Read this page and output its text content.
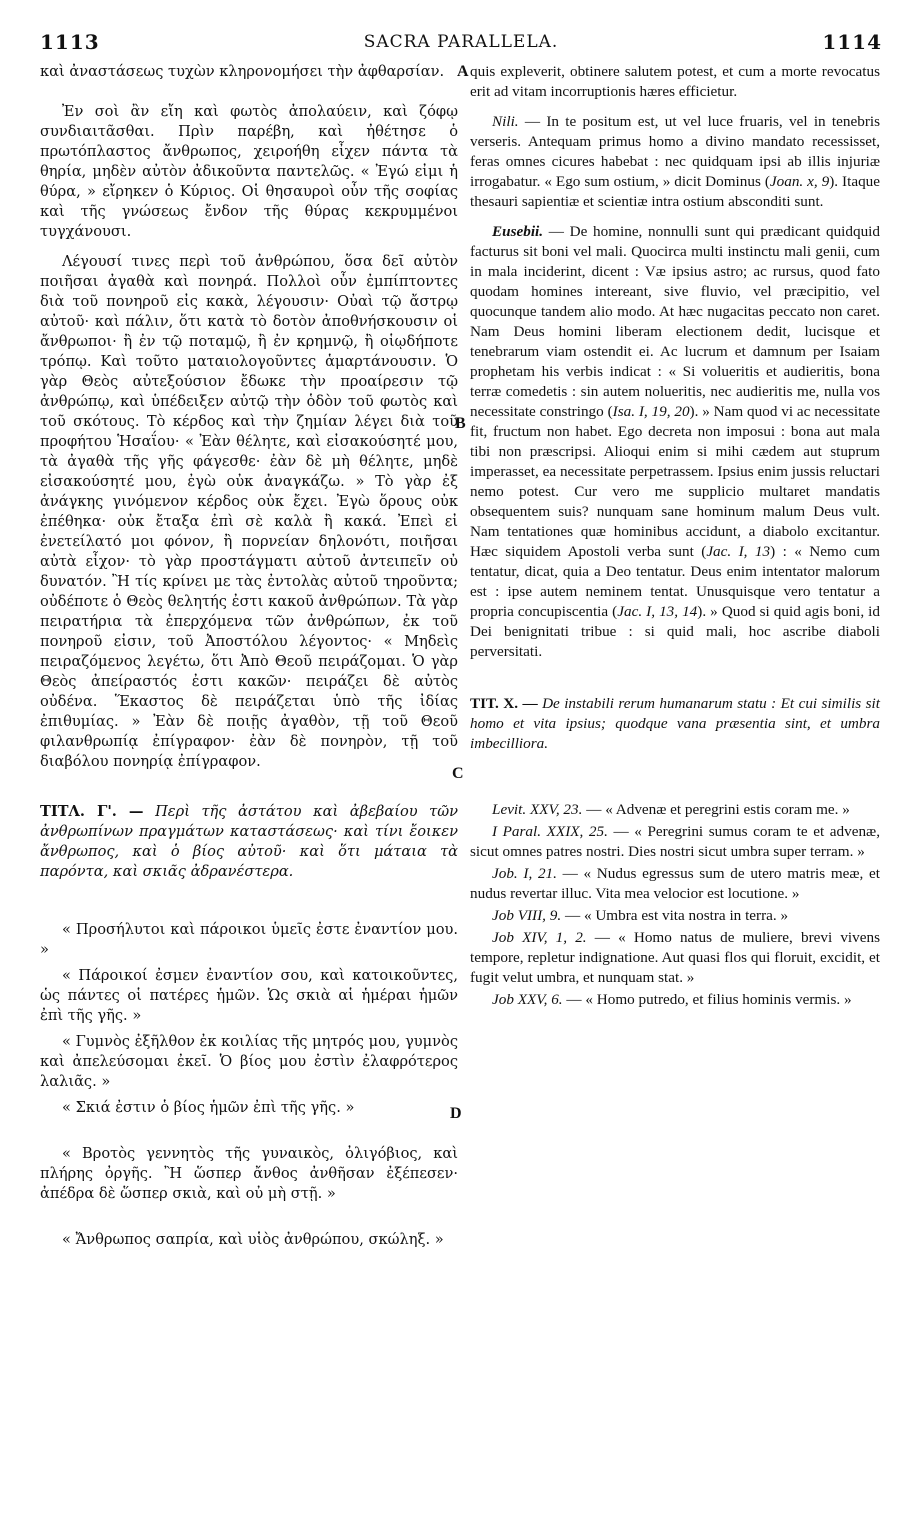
1113	SACRA PARALLELA.	1114
A
B
C
D

καὶ ἀναστάσεως τυχὼν κληρονομήσει τὴν ἀφθαρσίαν.

Ἐν σοὶ ἂν εἴη καὶ φωτὸς ἀπολαύειν, καὶ ζόφῳ συνδιαιτᾶσθαι. Πρὶν παρέβη, καὶ ἠθέτησε ὁ πρωτόπλαστος ἄνθρωπος, χειροήθη εἶχεν πάντα τὰ θηρία, μηδὲν αὐτὸν ἀδικοῦντα παντελῶς. « Ἐγώ εἰμι ἡ θύρα, » εἴρηκεν ὁ Κύριος. Οἱ θησαυροὶ οὖν τῆς σοφίας καὶ τῆς γνώσεως ἔνδον τῆς θύρας κεκρυμμένοι τυγχάνουσι.

Λέγουσί τινες περὶ τοῦ ἀνθρώπου, ὅσα δεῖ αὐτὸν ποιῆσαι ἀγαθὰ καὶ πονηρά. Πολλοὶ οὖν ἐμπίπτοντες διὰ τοῦ πονηροῦ εἰς κακὰ, λέγουσιν· Οὐαὶ τῷ ἄστρῳ αὐτοῦ· καὶ πάλιν, ὅτι κατὰ τὸ δοτὸν ἀποθνήσκουσιν οἱ ἄνθρωποι· ἢ ἐν τῷ ποταμῷ, ἢ ἐν κρημνῷ, ἢ οἱῳδήποτε τρόπῳ. Καὶ τοῦτο ματαιολογοῦντες ἁμαρτάνουσιν. Ὁ γὰρ Θεὸς αὐτεξούσιον ἔδωκε τὴν προαίρεσιν τῷ ἀνθρώπῳ, καὶ ὑπέδειξεν αὐτῷ τὴν ὁδὸν τοῦ φωτὸς καὶ τοῦ σκότους. Τὸ κέρδος καὶ τὴν ζημίαν λέγει διὰ τοῦ προφήτου Ἡσαΐου· « Ἐὰν θέλητε, καὶ εἰσακούσητέ μου, τὰ ἀγαθὰ τῆς γῆς φάγεσθε· ἐὰν δὲ μὴ θέλητε, μηδὲ εἰσακούσητέ μου, ἐγὼ οὐκ ἀναγκάζω. » Τὸ γὰρ ἐξ ἀνάγκης γινόμενον κέρδος οὐκ ἔχει. Ἐγὼ ὅρους οὐκ ἐπέθηκα· οὐκ ἔταξα ἐπὶ σὲ καλὰ ἢ κακά. Ἐπεὶ εἰ ἐνετείλατό μοι φόνον, ἢ πορνείαν δηλονότι, ποιῆσαι αὐτὰ εἶχον· τὸ γὰρ προστάγματι αὐτοῦ ἀντειπεῖν οὐ δυνατόν. Ἢ τίς κρίνει με τὰς ἐντολὰς αὐτοῦ τηροῦντα; οὐδέποτε ὁ Θεὸς θελητής ἐστι κακοῦ ἀνθρώπων. Τὰ γὰρ πειρατήρια τὰ ἐπερχόμενα τῶν ἀνθρώπων, ἐκ τοῦ πονηροῦ εἰσιν, τοῦ Ἀποστόλου λέγοντος· « Μηδεὶς πειραζόμενος λεγέτω, ὅτι Ἀπὸ Θεοῦ πειράζομαι. Ὁ γὰρ Θεὸς ἀπείραστός ἐστι κακῶν· πειράζει δὲ αὐτὸς οὐδένα. Ἕκαστος δὲ πειράζεται ὑπὸ τῆς ἰδίας ἐπιθυμίας. » Ἐὰν δὲ ποιῇς ἀγαθὸν, τῇ τοῦ Θεοῦ φιλανθρωπίᾳ ἐπίγραφον· ἐὰν δὲ πονηρὸν, τῇ τοῦ διαβόλου πονηρίᾳ ἐπίγραφον.

ΤΙΤΛ. Γ'. — Περὶ τῆς ἀστάτου καὶ ἀβεβαίου τῶν ἀνθρωπίνων πραγμάτων καταστάσεως· καὶ τίνι ἔοικεν ἄνθρωπος, καὶ ὁ βίος αὐτοῦ· καὶ ὅτι μάταια τὰ παρόντα, καὶ σκιᾶς ἀδρανέστερα.

« Προσήλυτοι καὶ πάροικοι ὑμεῖς ἐστε ἐναντίον μου. »

« Πάροικοί ἐσμεν ἐναντίον σου, καὶ κατοικοῦντες, ὡς πάντες οἱ πατέρες ἡμῶν. Ὡς σκιὰ αἱ ἡμέραι ἡμῶν ἐπὶ τῆς γῆς. »

« Γυμνὸς ἐξῆλθον ἐκ κοιλίας τῆς μητρός μου, γυμνὸς καὶ ἀπελεύσομαι ἐκεῖ. Ὁ βίος μου ἐστὶν ἐλαφρότερος λαλιᾶς. »

« Σκιά ἐστιν ὁ βίος ἡμῶν ἐπὶ τῆς γῆς. »

« Βροτὸς γεννητὸς τῆς γυναικὸς, ὀλιγόβιος, καὶ πλήρης ὀργῆς. Ἢ ὥσπερ ἄνθος ἀνθῆσαν ἐξέπεσεν· ἀπέδρα δὲ ὥσπερ σκιὰ, καὶ οὐ μὴ στῇ. »

« Ἄνθρωπος σαπρία, καὶ υἱὸς ἀνθρώπου, σκώληξ. »

quis expleverit, obtinere salutem potest, et cum a morte revocatus erit ad vitam incorruptionis hæres efficietur.

Nili. — In te positum est, ut vel luce fruaris, vel in tenebris verseris. Antequam primus homo a divino mandato recessisset, feras omnes cicures habebat : nec quidquam ipsi ab illis injuriæ irrogabatur. « Ego sum ostium, » dicit Dominus (Joan. x, 9). Itaque thesauri sapientiæ et scientiæ intra ostium absconditi sunt.

Eusebii. — De homine, nonnulli sunt qui prædicant quidquid facturus sit boni vel mali. Quocirca multi instinctu mali genii, cum in mala inciderint, dicent : Væ ipsius astro; ac rursus, quod fato quodam homines intereant, sive fluvio, vel præcipitio, vel quocunque tandem alio modo. At hæc nugacitas peccato non caret. Nam Deus homini liberam electionem dedit, lucisque et tenebrarum viam ostendit ei. Ac lucrum et damnum per Isaiam prophetam his verbis indicat : « Si volueritis et audieritis, bona terræ comedetis : sin autem nolueritis, nec audieritis me, nulla vos necessitate constringo (Isa. I, 19, 20). » Nam quod vi ac necessitate fit, fructum non habet. Ego decreta non imposui : bona aut mala tibi non præscripsi. Alioqui enim si mihi cædem aut stuprum imperasset, ea necessitate perpetrassem. Ipsius enim jussis reluctari nemo potest. Cur vero me supplicio multaret mandatis obsequentem suis? nunquam sane hominum malum Deus vult. Nam tentationes quæ hominibus accidunt, a diabolo excitantur. Hæc siquidem Apostoli verba sunt (Jac. I, 13) : « Nemo cum tentatur, dicat, quia a Deo tentatur. Deus enim intentator malorum est : ipse autem neminem tentat. Unusquisque vero tentatur a propria concupiscentia (Jac. I, 13, 14). » Quod si quid agis boni, id Dei benignitati tribue : si quid mali, hoc ascribe diaboli perversitati.

TIT. X. — De instabili rerum humanarum statu : Et cui similis sit homo et vita ipsius; quodque vana præsentia sint, et umbra imbecilliora.

Levit. XXV, 23. — « Advenæ et peregrini estis coram me. »

I Paral. XXIX, 25. — « Peregrini sumus coram te et advenæ, sicut omnes patres nostri. Dies nostri sicut umbra super terram. »

Job. I, 21. — « Nudus egressus sum de utero matris meæ, et nudus revertar illuc. Vita mea velocior est locutione. »

Job VIII, 9. — « Umbra est vita nostra in terra. »

Job XIV, 1, 2. — « Homo natus de muliere, brevi vivens tempore, repletur indignatione. Aut quasi flos qui floruit, excidit, et fugit velut umbra, et nunquam stat. »

Job XXV, 6. — « Homo putredo, et filius hominis vermis. »
